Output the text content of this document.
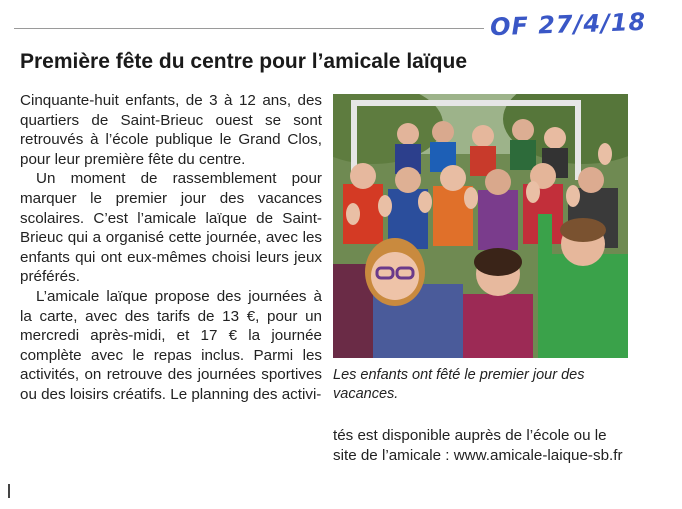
OF 27/4/18
Première fête du centre pour l’amicale laïque

Cinquante-huit enfants, de 3 à 12 ans, des quartiers de Saint-Brieuc ouest se sont retrouvés à l’école publique le Grand Clos, pour leur première fête du centre.

Un moment de rassemblement pour marquer le premier jour des vacances scolaires. C’est l’amicale laïque de Saint-Brieuc qui a organisé cette journée, avec les enfants qui ont eux-mêmes choisi leurs jeux préférés.

L’amicale laïque propose des journées à la carte, avec des tarifs de 13 €, pour un mercredi après-midi, et 17 € la journée complète avec le repas inclus. Parmi les activités, on retrouve des journées sportives ou des loisirs créatifs. Le planning des activi-

Les enfants ont fêté le premier jour des vacances.

tés est disponible auprès de l’école ou le site de l’amicale : www.amicale-laique-sb.fr
